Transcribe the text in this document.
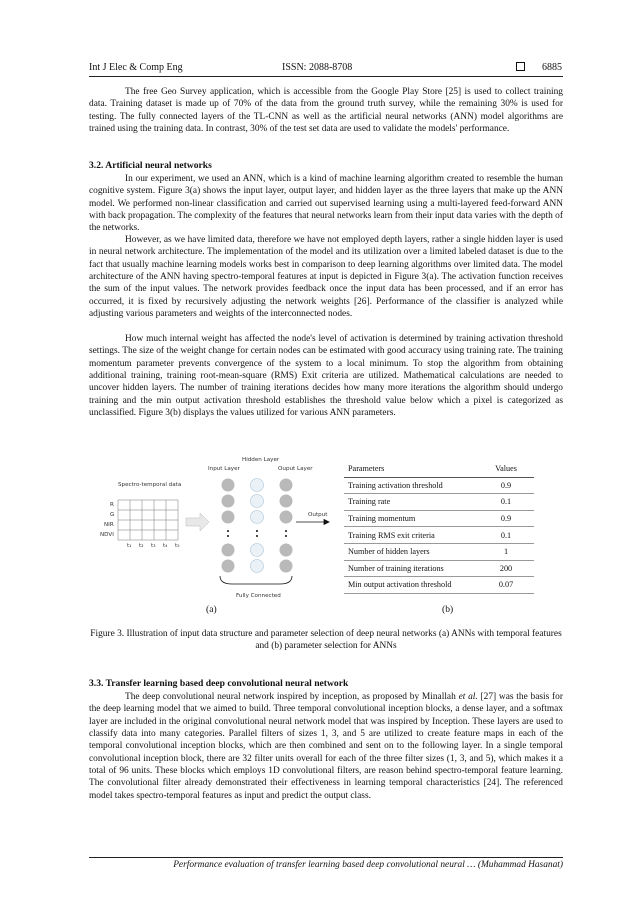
Int J Elec & Comp Eng	ISSN: 2088-8708	6885

The free Geo Survey application, which is accessible from the Google Play Store [25] is used to collect training data. Training dataset is made up of 70% of the data from the ground truth survey, while the remaining 30% is used for testing. The fully connected layers of the TL-CNN as well as the artificial neural networks (ANN) model algorithms are trained using the training data. In contrast, 30% of the test set data are used to validate the models' performance.

3.2. Artificial neural networks

In our experiment, we used an ANN, which is a kind of machine learning algorithm created to resemble the human cognitive system. Figure 3(a) shows the input layer, output layer, and hidden layer as the three layers that make up the ANN model. We performed non-linear classification and carried out supervised learning using a multi-layered feed-forward ANN with back propagation. The complexity of the features that neural networks learn from their input data varies with the depth of the networks.

However, as we have limited data, therefore we have not employed depth layers, rather a single hidden layer is used in neural network architecture. The implementation of the model and its utilization over a limited labeled dataset is due to the fact that usually machine learning models works best in comparison to deep learning algorithms over limited data. The model architecture of the ANN having spectro-temporal features at input is depicted in Figure 3(a). The activation function receives the sum of the input values. The network provides feedback once the input data has been processed, and if an error has occurred, it is fixed by recursively adjusting the network weights [26]. Performance of the classifier is analyzed while adjusting various parameters and weights of the interconnected nodes.

How much internal weight has affected the node's level of activation is determined by training activation threshold settings. The size of the weight change for certain nodes can be estimated with good accuracy using training rate. The training momentum parameter prevents convergence of the system to a local minimum. To stop the algorithm from obtaining additional training, training root-mean-square (RMS) Exit criteria are utilized. Mathematical calculations are needed to uncover hidden layers. The number of training iterations decides how many more iterations the algorithm should undergo training and the min output activation threshold establishes the threshold value below which a pixel is categorized as unclassified. Figure 3(b) displays the values utilized for various ANN parameters.

Hidden Layer
Input Layer	Ouput Layer
Spectro-temporal data
R
G
NIR
NDVI
t₁ t₂ t₃ t₄ t₅
Output
Fully Connected
Parameters	Values
Training activation threshold	0.9
Training rate	0.1
Training momentum	0.9
Training RMS exit criteria	0.1
Number of hidden layers	1
Number of training iterations	200
Min output activation threshold	0.07
(a)	(b)
Figure 3. Illustration of input data structure and parameter selection of deep neural networks (a) ANNs with temporal features and (b) parameter selection for ANNs

3.3. Transfer learning based deep convolutional neural network

The deep convolutional neural network inspired by inception, as proposed by Minallah et al. [27] was the basis for the deep learning model that we aimed to build. Three temporal convolutional inception blocks, a dense layer, and a softmax layer are included in the original convolutional neural network model that was inspired by Inception. These layers are used to classify data into many categories. Parallel filters of sizes 1, 3, and 5 are utilized to create feature maps in each of the temporal convolutional inception blocks, which are then combined and sent on to the following layer. In a single temporal convolutional inception block, there are 32 filter units overall for each of the three filter sizes (1, 3, and 5), which makes it a total of 96 units. These blocks which employs 1D convolutional filters, are reason behind spectro-temporal feature learning. The convolutional filter already demonstrated their effectiveness in learning temporal characteristics [24]. The referenced model takes spectro-temporal features as input and predict the output class.

Performance evaluation of transfer learning based deep convolutional neural … (Muhammad Hasanat)
